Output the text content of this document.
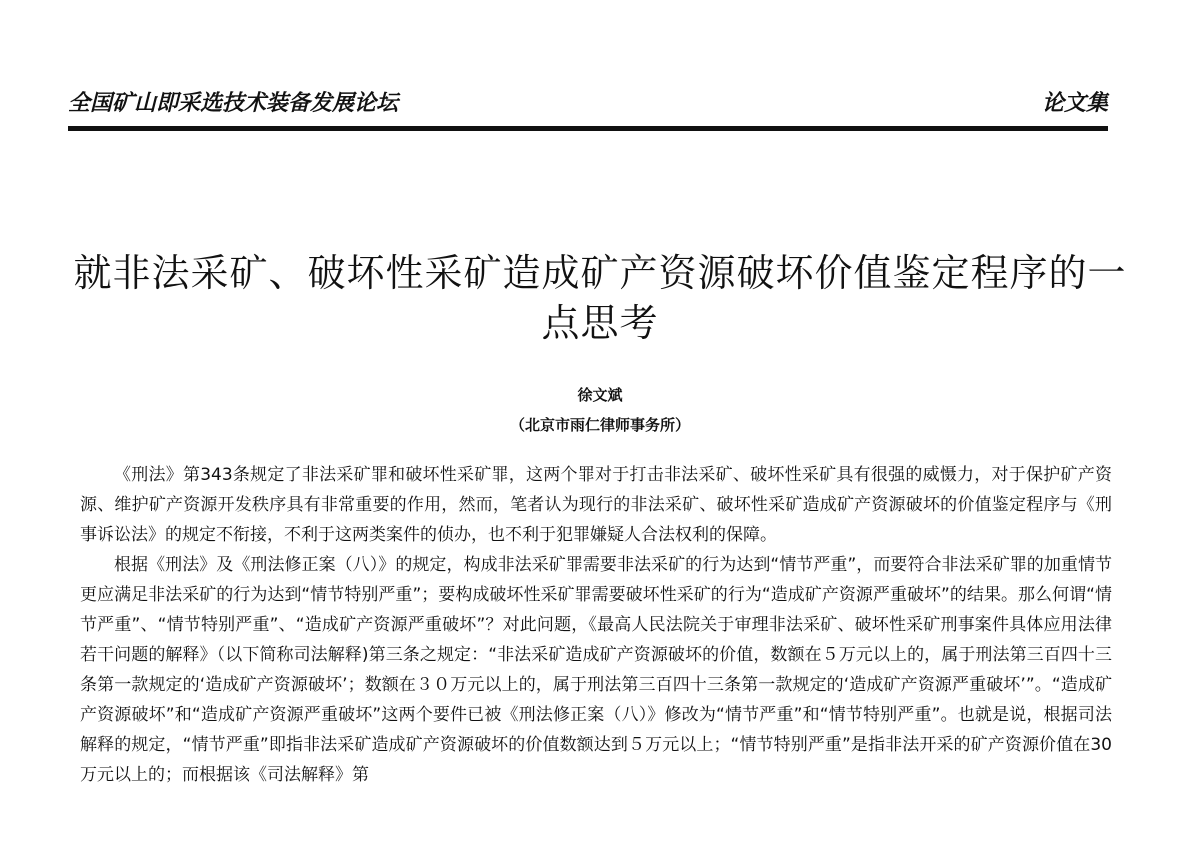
全国矿山即采选技术装备发展论坛	论文集
就非法采矿、破坏性采矿造成矿产资源破坏价值鉴定程序的一点思考
徐文斌
（北京市雨仁律师事务所）

《刑法》第343条规定了非法采矿罪和破坏性采矿罪，这两个罪对于打击非法采矿、破坏性采矿具有很强的威慑力，对于保护矿产资源、维护矿产资源开发秩序具有非常重要的作用，然而，笔者认为现行的非法采矿、破坏性采矿造成矿产资源破坏的价值鉴定程序与《刑事诉讼法》的规定不衔接，不利于这两类案件的侦办，也不利于犯罪嫌疑人合法权利的保障。

根据《刑法》及《刑法修正案（八）》的规定，构成非法采矿罪需要非法采矿的行为达到“情节严重”，而要符合非法采矿罪的加重情节更应满足非法采矿的行为达到“情节特别严重”；要构成破坏性采矿罪需要破坏性采矿的行为“造成矿产资源严重破坏”的结果。那么何谓“情节严重”、“情节特别严重”、“造成矿产资源严重破坏”？对此问题，《最高人民法院关于审理非法采矿、破坏性采矿刑事案件具体应用法律若干问题的解释》（以下简称司法解释)第三条之规定：“非法采矿造成矿产资源破坏的价值，数额在５万元以上的，属于刑法第三百四十三条第一款规定的‘造成矿产资源破坏’；数额在３０万元以上的，属于刑法第三百四十三条第一款规定的‘造成矿产资源严重破坏’”。“造成矿产资源破坏”和“造成矿产资源严重破坏”这两个要件已被《刑法修正案（八）》修改为“情节严重”和“情节特别严重”。也就是说，根据司法解释的规定，“情节严重”即指非法采矿造成矿产资源破坏的价值数额达到５万元以上；“情节特别严重”是指非法开采的矿产资源价值在30万元以上的；而根据该《司法解释》第
